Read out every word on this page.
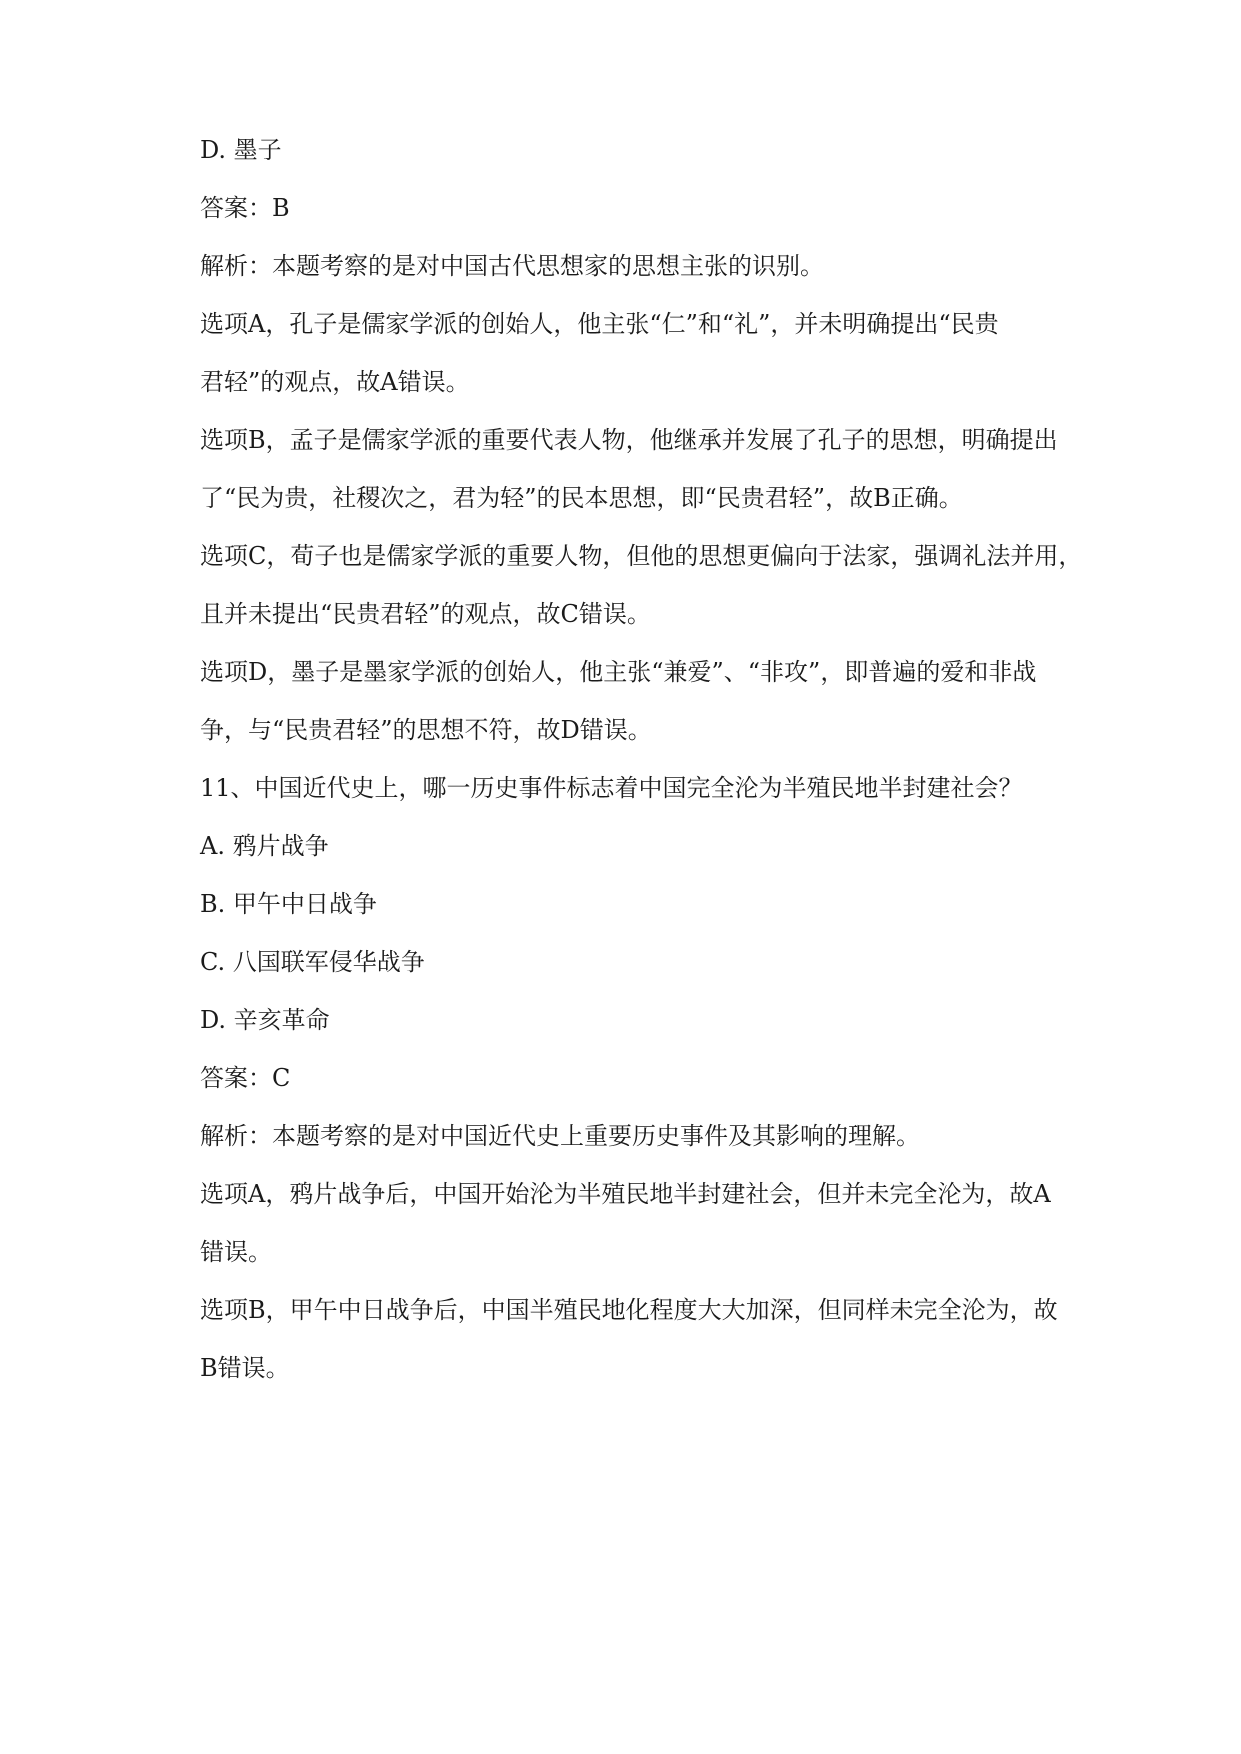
D. 墨子
答案：B
解析：本题考察的是对中国古代思想家的思想主张的识别。
选项A，孔子是儒家学派的创始人，他主张“仁”和“礼”，并未明确提出“民贵
君轻”的观点，故A错误。
选项B，孟子是儒家学派的重要代表人物，他继承并发展了孔子的思想，明确提出
了“民为贵，社稷次之，君为轻”的民本思想，即“民贵君轻”，故B正确。
选项C，荀子也是儒家学派的重要人物，但他的思想更偏向于法家，强调礼法并用，
且并未提出“民贵君轻”的观点，故C错误。
选项D，墨子是墨家学派的创始人，他主张“兼爱”、“非攻”，即普遍的爱和非战
争，与“民贵君轻”的思想不符，故D错误。
11、中国近代史上，哪一历史事件标志着中国完全沦为半殖民地半封建社会？
A. 鸦片战争
B. 甲午中日战争
C. 八国联军侵华战争
D. 辛亥革命
答案：C
解析：本题考察的是对中国近代史上重要历史事件及其影响的理解。
选项A，鸦片战争后，中国开始沦为半殖民地半封建社会，但并未完全沦为，故A
错误。
选项B，甲午中日战争后，中国半殖民地化程度大大加深，但同样未完全沦为，故
B错误。
